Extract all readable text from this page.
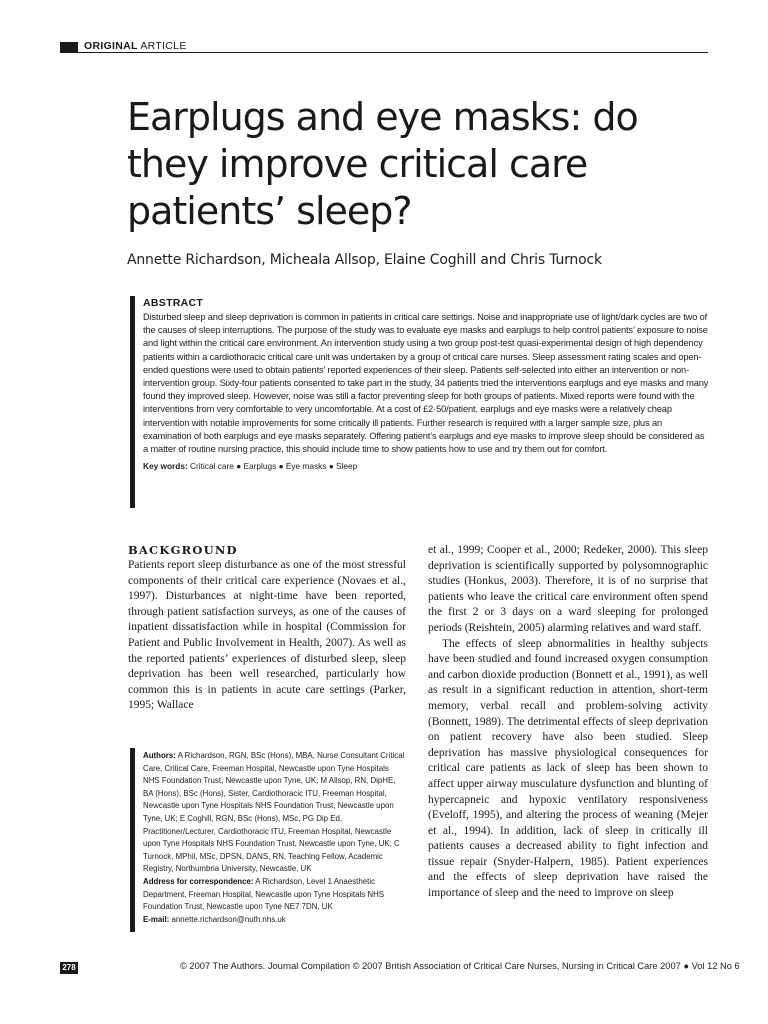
ORIGINAL ARTICLE
Earplugs and eye masks: do they improve critical care patients’ sleep?
Annette Richardson, Micheala Allsop, Elaine Coghill and Chris Turnock
ABSTRACT

Disturbed sleep and sleep deprivation is common in patients in critical care settings. Noise and inappropriate use of light/dark cycles are two of the causes of sleep interruptions. The purpose of the study was to evaluate eye masks and earplugs to help control patients’ exposure to noise and light within the critical care environment. An intervention study using a two group post-test quasi-experimental design of high dependency patients within a cardiothoracic critical care unit was undertaken by a group of critical care nurses. Sleep assessment rating scales and open-ended questions were used to obtain patients’ reported experiences of their sleep. Patients self-selected into either an intervention or non-intervention group. Sixty-four patients consented to take part in the study, 34 patients tried the interventions earplugs and eye masks and many found they improved sleep. However, noise was still a factor preventing sleep for both groups of patients. Mixed reports were found with the interventions from very comfortable to very uncomfortable. At a cost of £2·50/patient, earplugs and eye masks were a relatively cheap intervention with notable improvements for some critically ill patients. Further research is required with a larger sample size, plus an examination of both earplugs and eye masks separately. Offering patient’s earplugs and eye masks to improve sleep should be considered as a matter of routine nursing practice, this should include time to show patients how to use and try them out for comfort.

Key words: Critical care ● Earplugs ● Eye masks ● Sleep
BACKGROUND

Patients report sleep disturbance as one of the most stressful components of their critical care experience (Novaes et al., 1997). Disturbances at night-time have been reported, through patient satisfaction surveys, as one of the causes of inpatient dissatisfaction while in hospital (Commission for Patient and Public Involvement in Health, 2007). As well as the reported patients’ experiences of disturbed sleep, sleep deprivation has been well researched, particularly how common this is in patients in acute care settings (Parker, 1995; Wallace

Authors: A Richardson, RGN, BSc (Hons), MBA, Nurse Consultant Critical Care, Critical Care, Freeman Hospital, Newcastle upon Tyne Hospitals NHS Foundation Trust, Newcastle upon Tyne, UK; M Allsop, RN, DipHE, BA (Hons), BSc (Hons), Sister, Cardiothoracic ITU, Freeman Hospital, Newcastle upon Tyne Hospitals NHS Foundation Trust, Newcastle upon Tyne, UK; E Coghill, RGN, BSc (Hons), MSc, PG Dip Ed, Practitioner/Lecturer, Cardiothoracic ITU, Freeman Hospital, Newcastle upon Tyne Hospitals NHS Foundation Trust, Newcastle upon Tyne, UK; C Turnock, MPhil, MSc, DPSN, DANS, RN, Teaching Fellow, Academic Registry, Northumbria University, Newcastle, UK

Address for correspondence: A Richardson, Level 1 Anaesthetic Department, Freeman Hospital, Newcastle upon Tyne Hospitals NHS Foundation Trust, Newcastle upon Tyne NE7 7DN, UK

E-mail: annette.richardson@nuth.nhs.uk

et al., 1999; Cooper et al., 2000; Redeker, 2000). This sleep deprivation is scientifically supported by polysomnographic studies (Honkus, 2003). Therefore, it is of no surprise that patients who leave the critical care environment often spend the first 2 or 3 days on a ward sleeping for prolonged periods (Reishtein, 2005) alarming relatives and ward staff.

The effects of sleep abnormalities in healthy subjects have been studied and found increased oxygen consumption and carbon dioxide production (Bonnett et al., 1991), as well as result in a significant reduction in attention, short-term memory, verbal recall and problem-solving activity (Bonnett, 1989). The detrimental effects of sleep deprivation on patient recovery have also been studied. Sleep deprivation has massive physiological consequences for critical care patients as lack of sleep has been shown to affect upper airway musculature dysfunction and blunting of hypercapneic and hypoxic ventilatory responsiveness (Eveloff, 1995), and altering the process of weaning (Mejer et al., 1994). In addition, lack of sleep in critically ill patients causes a decreased ability to fight infection and tissue repair (Snyder-Halpern, 1985). Patient experiences and the effects of sleep deprivation have raised the importance of sleep and the need to improve on sleep

278	© 2007 The Authors. Journal Compilation © 2007 British Association of Critical Care Nurses, Nursing in Critical Care 2007 ● Vol 12 No 6
